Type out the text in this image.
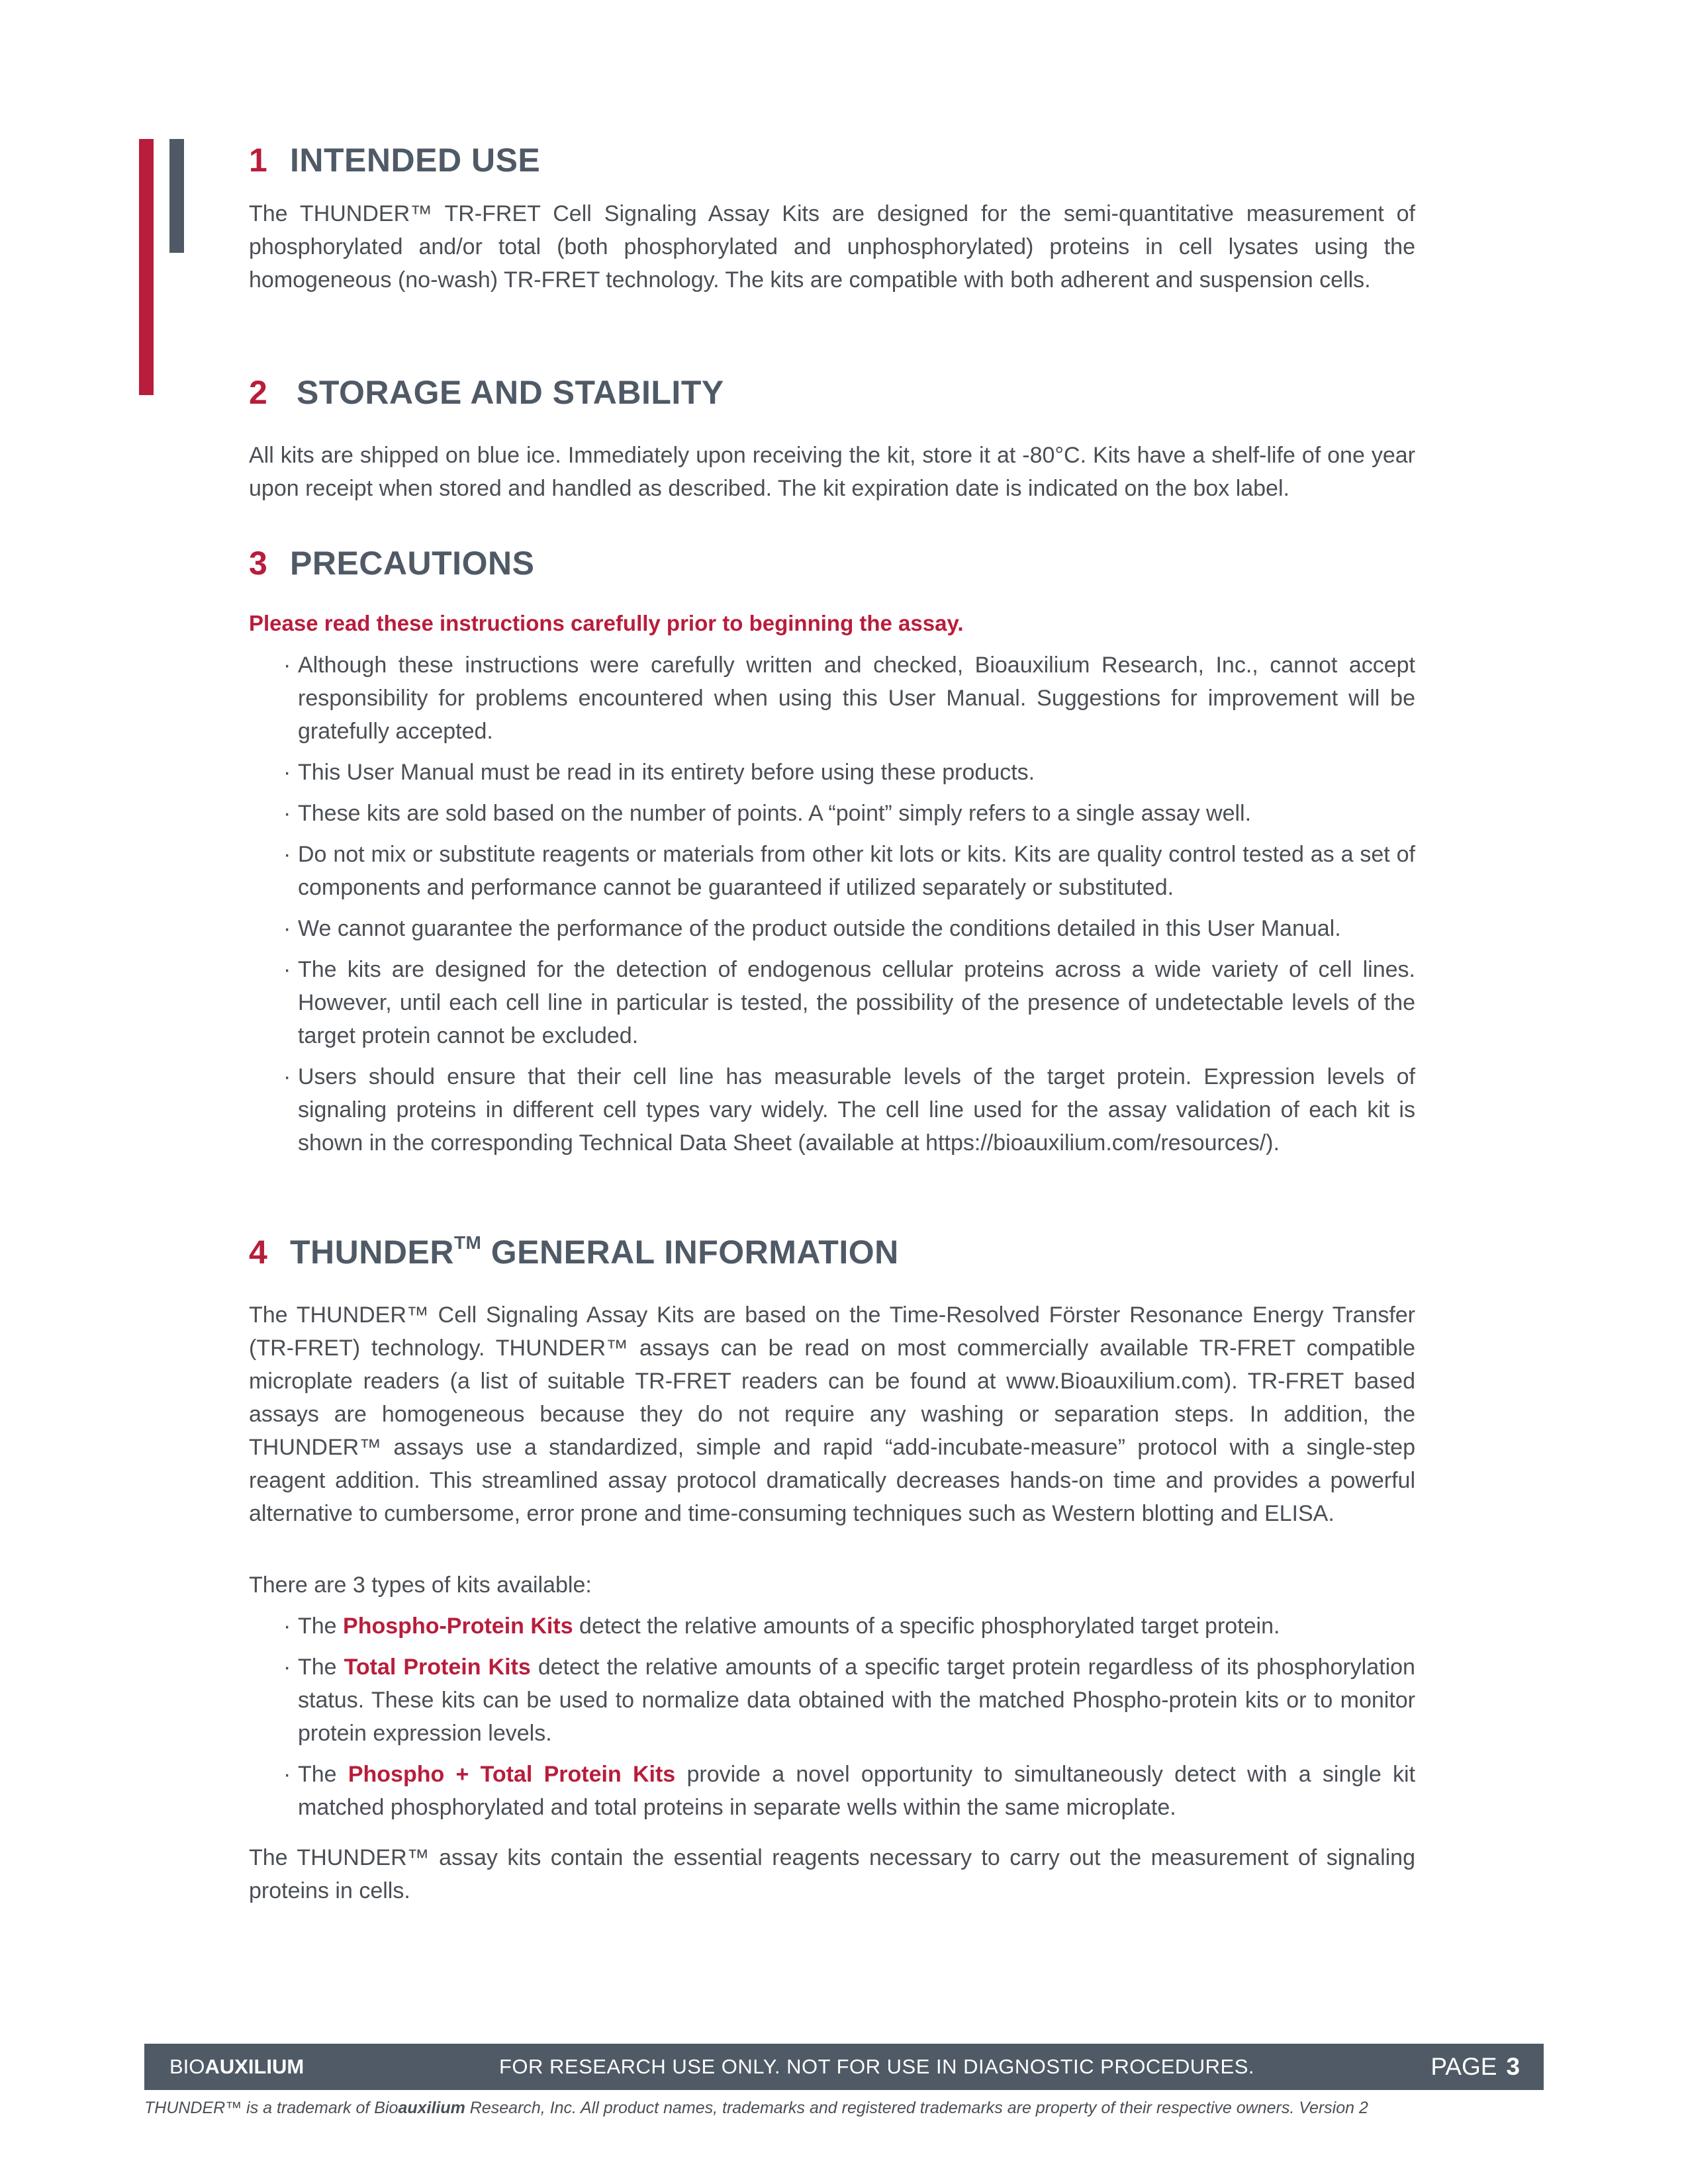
1 INTENDED USE

The THUNDER™ TR-FRET Cell Signaling Assay Kits are designed for the semi-quantitative measurement of phosphorylated and/or total (both phosphorylated and unphosphorylated) proteins in cell lysates using the homogeneous (no-wash) TR-FRET technology. The kits are compatible with both adherent and suspension cells.

2 STORAGE AND STABILITY

All kits are shipped on blue ice. Immediately upon receiving the kit, store it at -80°C. Kits have a shelf-life of one year upon receipt when stored and handled as described. The kit expiration date is indicated on the box label.

3 PRECAUTIONS
Please read these instructions carefully prior to beginning the assay.
· Although these instructions were carefully written and checked, Bioauxilium Research, Inc., cannot accept responsibility for problems encountered when using this User Manual. Suggestions for improvement will be gratefully accepted.
· This User Manual must be read in its entirety before using these products.
· These kits are sold based on the number of points. A “point” simply refers to a single assay well.
· Do not mix or substitute reagents or materials from other kit lots or kits. Kits are quality control tested as a set of components and performance cannot be guaranteed if utilized separately or substituted.
· We cannot guarantee the performance of the product outside the conditions detailed in this User Manual.
· The kits are designed for the detection of endogenous cellular proteins across a wide variety of cell lines. However, until each cell line in particular is tested, the possibility of the presence of undetectable levels of the target protein cannot be excluded.
· Users should ensure that their cell line has measurable levels of the target protein. Expression levels of signaling proteins in different cell types vary widely. The cell line used for the assay validation of each kit is shown in the corresponding Technical Data Sheet (available at https://bioauxilium.com/resources/).
4 THUNDER™ GENERAL INFORMATION

The THUNDER™ Cell Signaling Assay Kits are based on the Time-Resolved Förster Resonance Energy Transfer (TR-FRET) technology. THUNDER™ assays can be read on most commercially available TR-FRET compatible microplate readers (a list of suitable TR-FRET readers can be found at www.Bioauxilium.com). TR-FRET based assays are homogeneous because they do not require any washing or separation steps. In addition, the THUNDER™ assays use a standardized, simple and rapid “add-incubate-measure” protocol with a single-step reagent addition. This streamlined assay protocol dramatically decreases hands-on time and provides a powerful alternative to cumbersome, error prone and time-consuming techniques such as Western blotting and ELISA.

There are 3 types of kits available:

· The Phospho-Protein Kits detect the relative amounts of a specific phosphorylated target protein.
· The Total Protein Kits detect the relative amounts of a specific target protein regardless of its phosphorylation status. These kits can be used to normalize data obtained with the matched Phospho-protein kits or to monitor protein expression levels.
· The Phospho + Total Protein Kits provide a novel opportunity to simultaneously detect with a single kit matched phosphorylated and total proteins in separate wells within the same microplate.

The THUNDER™ assay kits contain the essential reagents necessary to carry out the measurement of signaling proteins in cells.

BIOAUXILIUM	FOR RESEARCH USE ONLY. NOT FOR USE IN DIAGNOSTIC PROCEDURES.	PAGE 3
THUNDER™ is a trademark of Bioauxilium Research, Inc. All product names, trademarks and registered trademarks are property of their respective owners. Version 2
